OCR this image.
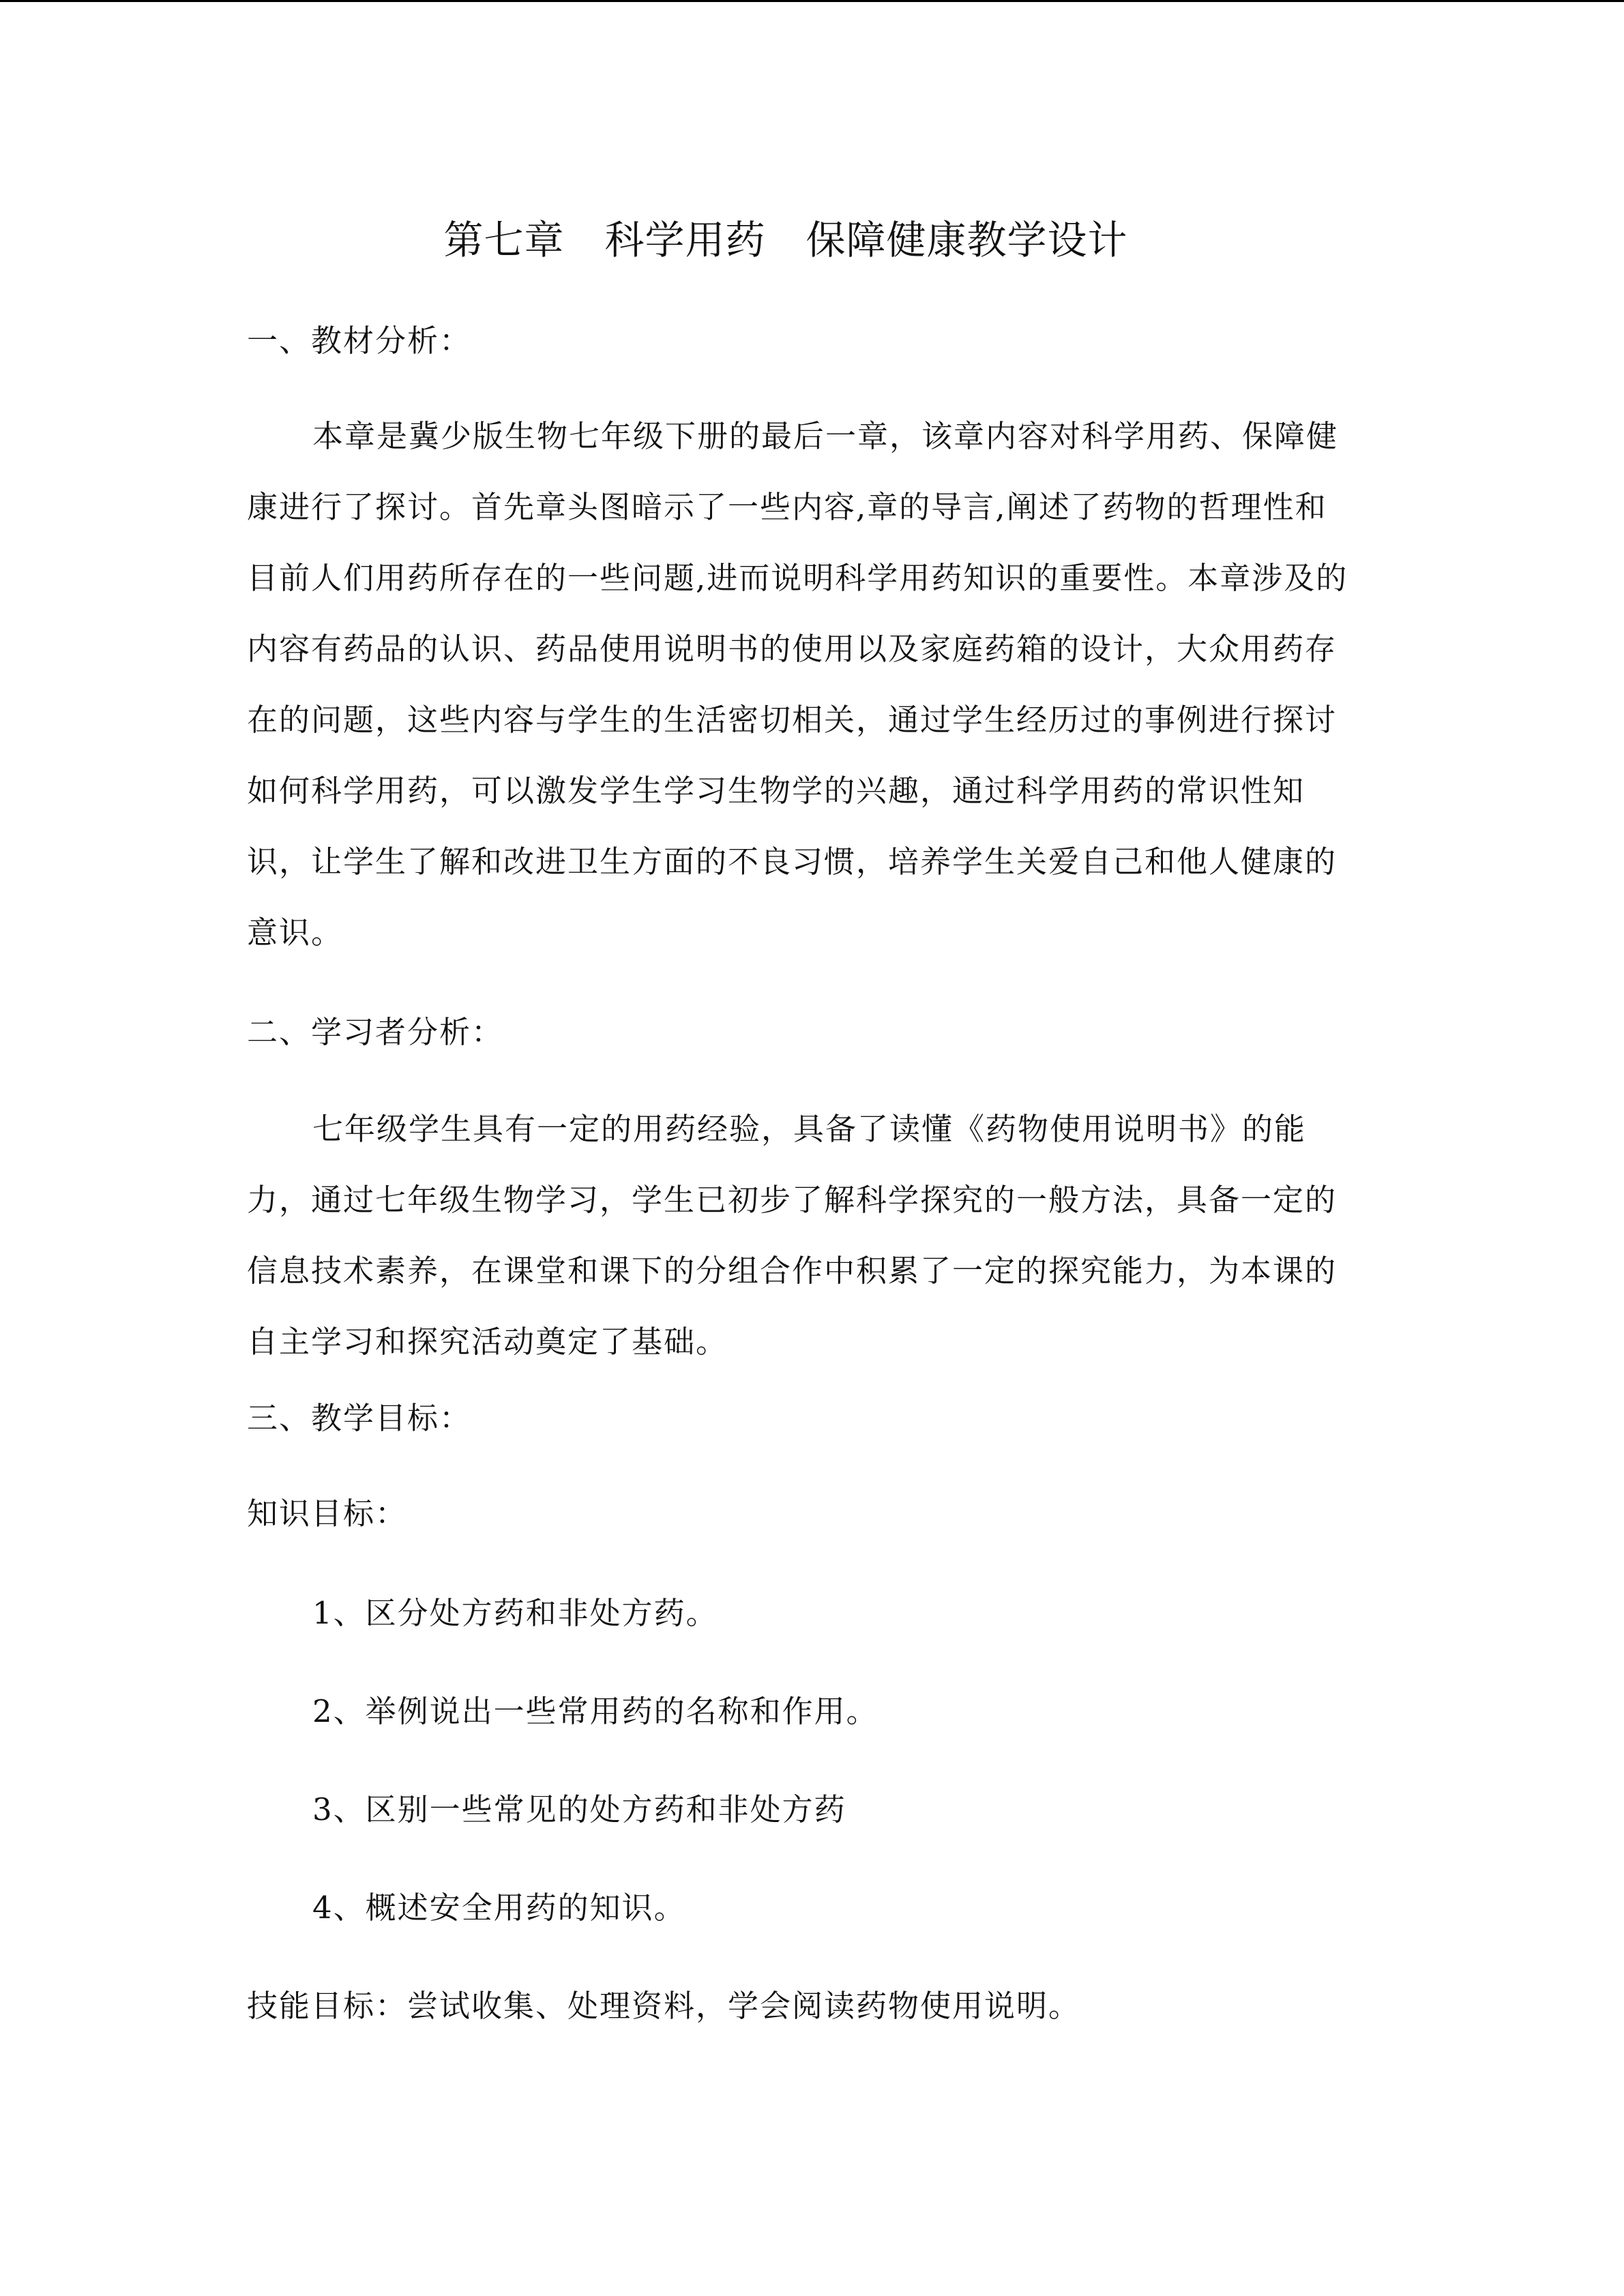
第七章　科学用药　保障健康教学设计
一、教材分析：
本章是冀少版生物七年级下册的最后一章，该章内容对科学用药、保障健
康进行了探讨。首先章头图暗示了一些内容,章的导言,阐述了药物的哲理性和
目前人们用药所存在的一些问题,进而说明科学用药知识的重要性。本章涉及的
内容有药品的认识、药品使用说明书的使用以及家庭药箱的设计，大众用药存
在的问题，这些内容与学生的生活密切相关，通过学生经历过的事例进行探讨
如何科学用药，可以激发学生学习生物学的兴趣，通过科学用药的常识性知
识，让学生了解和改进卫生方面的不良习惯，培养学生关爱自己和他人健康的
意识。
二、学习者分析：
七年级学生具有一定的用药经验，具备了读懂《药物使用说明书》的能
力，通过七年级生物学习，学生已初步了解科学探究的一般方法，具备一定的
信息技术素养，在课堂和课下的分组合作中积累了一定的探究能力，为本课的
自主学习和探究活动奠定了基础。
三、教学目标：
知识目标：
1、区分处方药和非处方药。
2、举例说出一些常用药的名称和作用。
3、区别一些常见的处方药和非处方药
4、概述安全用药的知识。
技能目标：尝试收集、处理资料，学会阅读药物使用说明。
